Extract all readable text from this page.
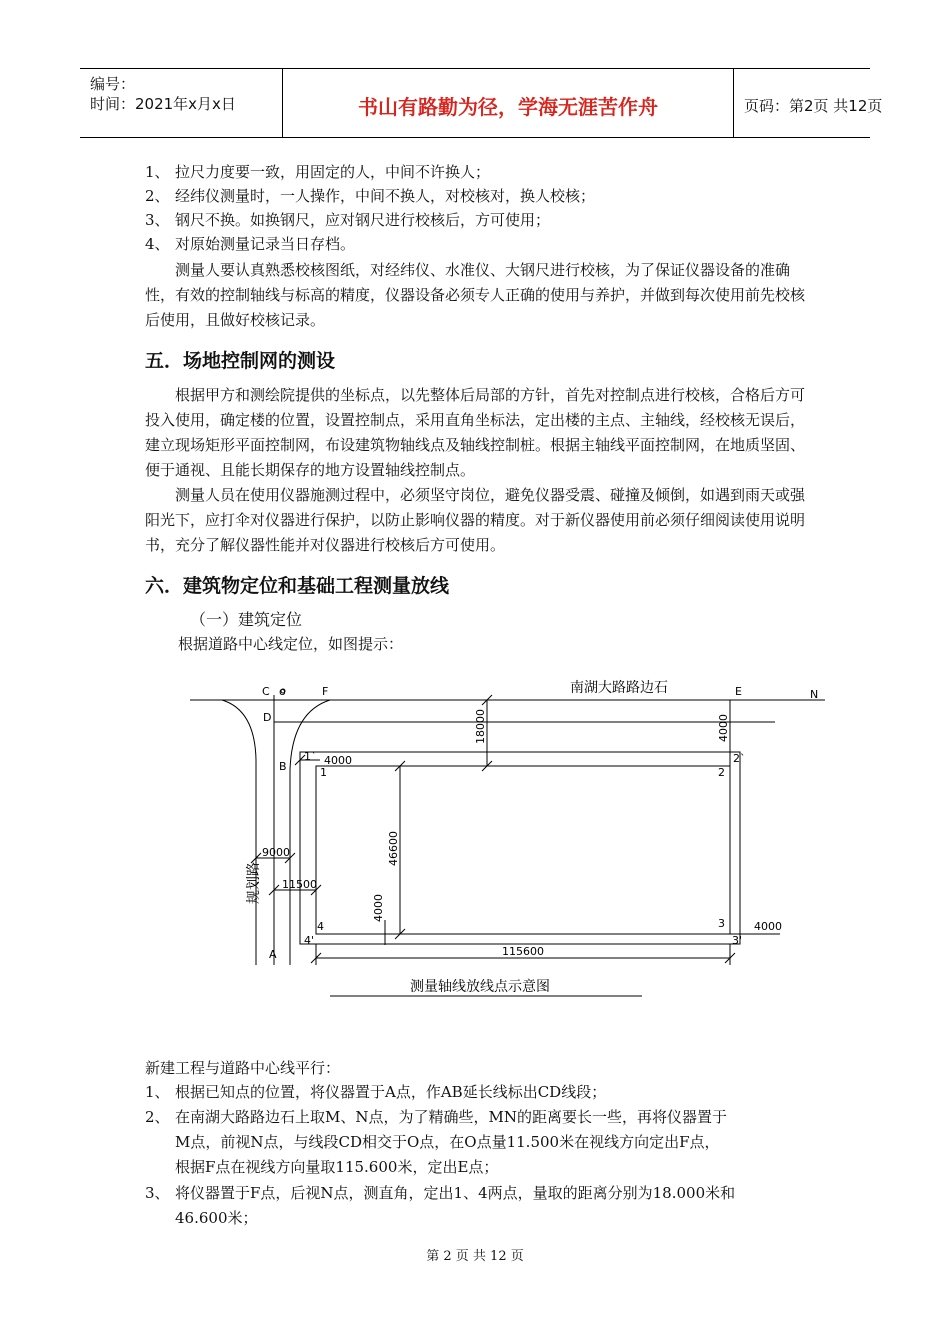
编号：
时间：2021年x月x日	书山有路勤为径，学海无涯苦作舟	页码：第2页 共12页
1、 拉尺力度要一致，用固定的人，中间不许换人；
2、 经纬仪测量时，一人操作，中间不换人，对校核对，换人校核；
3、 钢尺不换。如换钢尺，应对钢尺进行校核后，方可使用；
4、 对原始测量记录当日存档。
测量人要认真熟悉校核图纸，对经纬仪、水准仪、大钢尺进行校核，为了保证仪器设备的准确性，有效的控制轴线与标高的精度，仪器设备必须专人正确的使用与养护，并做到每次使用前先校核后使用，且做好校核记录。
五．场地控制网的测设
根据甲方和测绘院提供的坐标点，以先整体后局部的方针，首先对控制点进行校核，合格后方可投入使用，确定楼的位置，设置控制点，采用直角坐标法，定出楼的主点、主轴线，经校核无误后，建立现场矩形平面控制网，布设建筑物轴线点及轴线控制桩。根据主轴线平面控制网，在地质坚固、便于通视、且能长期保存的地方设置轴线控制点。
测量人员在使用仪器施测过程中，必须坚守岗位，避免仪器受震、碰撞及倾倒，如遇到雨天或强阳光下，应打伞对仪器进行保护，以防止影响仪器的精度。对于新仪器使用前必须仔细阅读使用说明书，充分了解仪器性能并对仪器进行校核后方可使用。
六．建筑物定位和基础工程测量放线
（一）建筑定位
根据道路中心线定位，如图提示：
C o	F	E	N
D
B
A
1`
1	2
2`
3
3'
4
4'
4000
18000	4000
46600
4000
9000
11500
115600
4000
南湖大路路边石
规划路
测量轴线放线点示意图
新建工程与道路中心线平行：
1、 根据已知点的位置，将仪器置于A点，作AB延长线标出CD线段；
2、 在南湖大路路边石上取M、N点，为了精确些，MN的距离要长一些，再将仪器置于
M点，前视N点，与线段CD相交于O点，在O点量11.500米在视线方向定出F点，
根据F点在视线方向量取115.600米，定出E点；
3、 将仪器置于F点，后视N点，测直角，定出1、4两点，量取的距离分别为18.000米和
46.600米；
第 2 页 共 12 页
